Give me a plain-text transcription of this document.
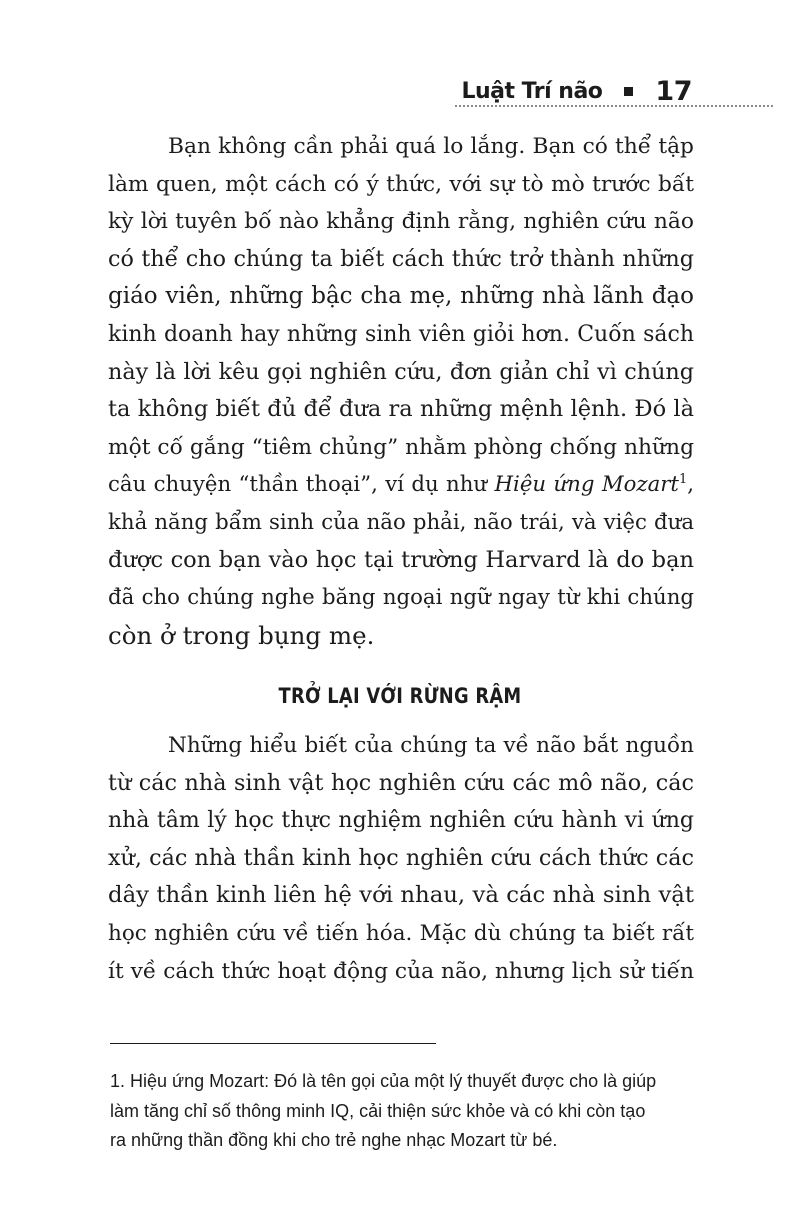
Luật Trí não 17
Bạn không cần phải quá lo lắng. Bạn có thể tập
làm quen, một cách có ý thức, với sự tò mò trước bất
kỳ lời tuyên bố nào khẳng định rằng, nghiên cứu não
có thể cho chúng ta biết cách thức trở thành những
giáo viên, những bậc cha mẹ, những nhà lãnh đạo
kinh doanh hay những sinh viên giỏi hơn. Cuốn sách
này là lời kêu gọi nghiên cứu, đơn giản chỉ vì chúng
ta không biết đủ để đưa ra những mệnh lệnh. Đó là
một cố gắng “tiêm chủng” nhằm phòng chống những
câu chuyện “thần thoại”, ví dụ như Hiệu ứng Mozart$^1$,
khả năng bẩm sinh của não phải, não trái, và việc đưa
được con bạn vào học tại trường Harvard là do bạn
đã cho chúng nghe băng ngoại ngữ ngay từ khi chúng
còn ở trong bụng mẹ.
TRỞ LẠI VỚI RỪNG RẬM
Những hiểu biết của chúng ta về não bắt nguồn
từ các nhà sinh vật học nghiên cứu các mô não, các
nhà tâm lý học thực nghiệm nghiên cứu hành vi ứng
xử, các nhà thần kinh học nghiên cứu cách thức các
dây thần kinh liên hệ với nhau, và các nhà sinh vật
học nghiên cứu về tiến hóa. Mặc dù chúng ta biết rất
ít về cách thức hoạt động của não, nhưng lịch sử tiến
1. Hiệu ứng Mozart: Đó là tên gọi của một lý thuyết được cho là giúp
làm tăng chỉ số thông minh IQ, cải thiện sức khỏe và có khi còn tạo
ra những thần đồng khi cho trẻ nghe nhạc Mozart từ bé.
